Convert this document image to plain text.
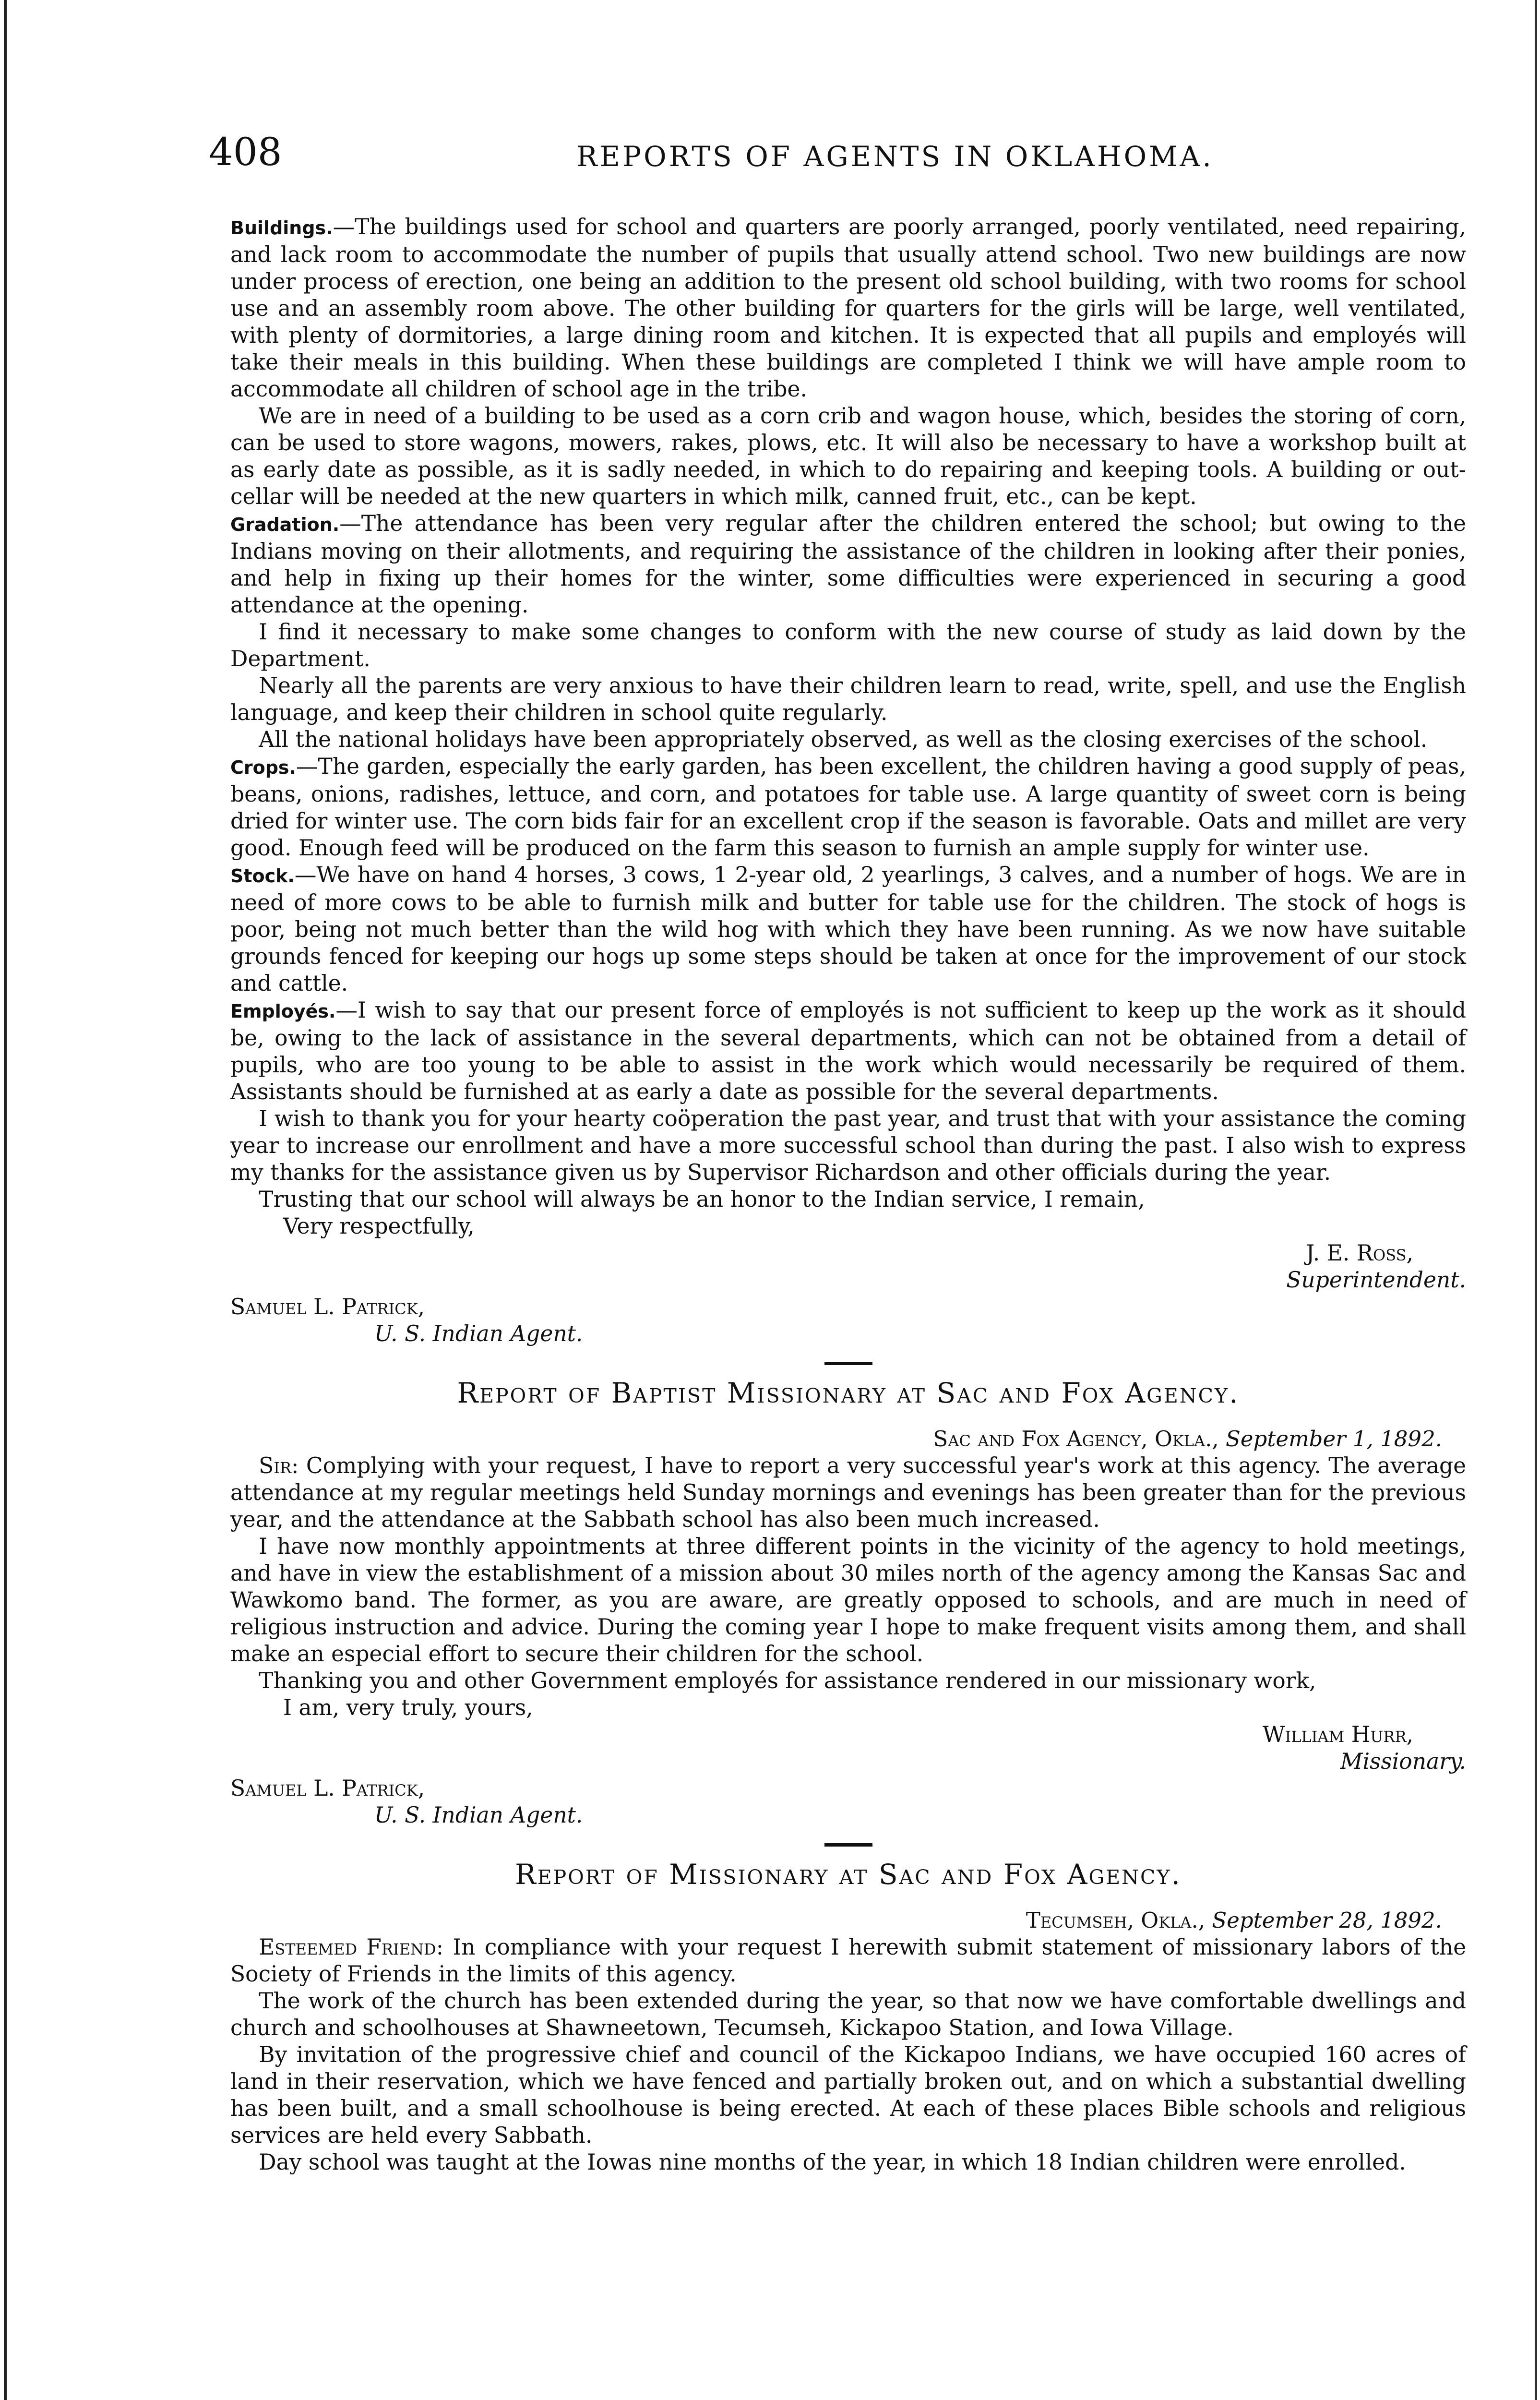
408	REPORTS OF AGENTS IN OKLAHOMA.

Buildings.—The buildings used for school and quarters are poorly arranged, poorly ventilated, need repairing, and lack room to accommodate the number of pupils that usually attend school. Two new buildings are now under process of erection, one being an addition to the present old school building, with two rooms for school use and an assembly room above. The other building for quarters for the girls will be large, well ventilated, with plenty of dormitories, a large dining room and kitchen. It is expected that all pupils and employés will take their meals in this building. When these buildings are completed I think we will have ample room to accommodate all children of school age in the tribe.

We are in need of a building to be used as a corn crib and wagon house, which, besides the storing of corn, can be used to store wagons, mowers, rakes, plows, etc. It will also be necessary to have a workshop built at as early date as possible, as it is sadly needed, in which to do repairing and keeping tools. A building or out-cellar will be needed at the new quarters in which milk, canned fruit, etc., can be kept.

Gradation.—The attendance has been very regular after the children entered the school; but owing to the Indians moving on their allotments, and requiring the assistance of the children in looking after their ponies, and help in fixing up their homes for the winter, some difficulties were experienced in securing a good attendance at the opening.

I find it necessary to make some changes to conform with the new course of study as laid down by the Department.

Nearly all the parents are very anxious to have their children learn to read, write, spell, and use the English language, and keep their children in school quite regularly.

All the national holidays have been appropriately observed, as well as the closing exercises of the school.

Crops.—The garden, especially the early garden, has been excellent, the children having a good supply of peas, beans, onions, radishes, lettuce, and corn, and potatoes for table use. A large quantity of sweet corn is being dried for winter use. The corn bids fair for an excellent crop if the season is favorable. Oats and millet are very good. Enough feed will be produced on the farm this season to furnish an ample supply for winter use.

Stock.—We have on hand 4 horses, 3 cows, 1 2-year old, 2 yearlings, 3 calves, and a number of hogs. We are in need of more cows to be able to furnish milk and butter for table use for the children. The stock of hogs is poor, being not much better than the wild hog with which they have been running. As we now have suitable grounds fenced for keeping our hogs up some steps should be taken at once for the improvement of our stock and cattle.

Employés.—I wish to say that our present force of employés is not sufficient to keep up the work as it should be, owing to the lack of assistance in the several departments, which can not be obtained from a detail of pupils, who are too young to be able to assist in the work which would necessarily be required of them. Assistants should be furnished at as early a date as possible for the several departments.

I wish to thank you for your hearty coöperation the past year, and trust that with your assistance the coming year to increase our enrollment and have a more successful school than during the past. I also wish to express my thanks for the assistance given us by Supervisor Richardson and other officials during the year.

Trusting that our school will always be an honor to the Indian service, I remain,

Very respectfully,

J. E. Ross,
Superintendent.
Samuel L. Patrick,
U. S. Indian Agent.
Report of Baptist Missionary at Sac and Fox Agency.
Sac and Fox Agency, Okla., September 1, 1892.

Sir: Complying with your request, I have to report a very successful year's work at this agency. The average attendance at my regular meetings held Sunday mornings and evenings has been greater than for the previous year, and the attendance at the Sabbath school has also been much increased.

I have now monthly appointments at three different points in the vicinity of the agency to hold meetings, and have in view the establishment of a mission about 30 miles north of the agency among the Kansas Sac and Wawkomo band. The former, as you are aware, are greatly opposed to schools, and are much in need of religious instruction and advice. During the coming year I hope to make frequent visits among them, and shall make an especial effort to secure their children for the school.

Thanking you and other Government employés for assistance rendered in our missionary work,

I am, very truly, yours,

William Hurr,
Missionary.
Samuel L. Patrick,
U. S. Indian Agent.
Report of Missionary at Sac and Fox Agency.
Tecumseh, Okla., September 28, 1892.

Esteemed Friend: In compliance with your request I herewith submit statement of missionary labors of the Society of Friends in the limits of this agency.

The work of the church has been extended during the year, so that now we have comfortable dwellings and church and schoolhouses at Shawneetown, Tecumseh, Kickapoo Station, and Iowa Village.

By invitation of the progressive chief and council of the Kickapoo Indians, we have occupied 160 acres of land in their reservation, which we have fenced and partially broken out, and on which a substantial dwelling has been built, and a small schoolhouse is being erected. At each of these places Bible schools and religious services are held every Sabbath.

Day school was taught at the Iowas nine months of the year, in which 18 Indian children were enrolled.
